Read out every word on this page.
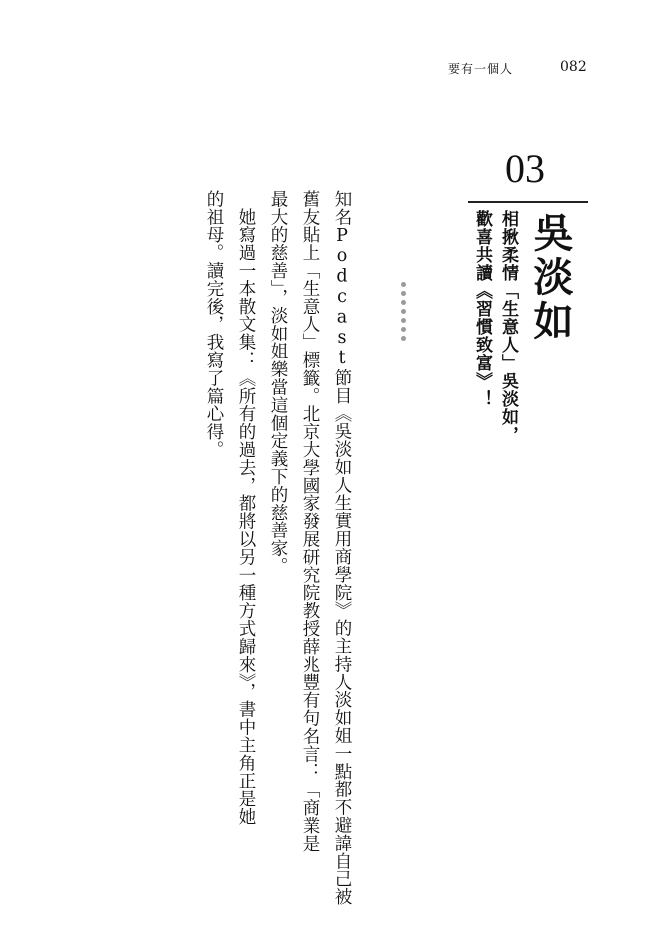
要有一個人	082
03
吳淡如
相揪柔情「生意人」吳淡如，
歡喜共讀《習慣致富》！
知名Podcast節目《吳淡如人生實用商學院》的主持人淡如姐一點都不避諱自己被
舊友貼上「生意人」標籤。北京大學國家發展研究院教授薛兆豐有句名言：「商業是
最大的慈善」，淡如姐樂當這個定義下的慈善家。
　她寫過一本散文集：《所有的過去，都將以另一種方式歸來》，書中主角正是她
的祖母。讀完後，我寫了篇心得。
